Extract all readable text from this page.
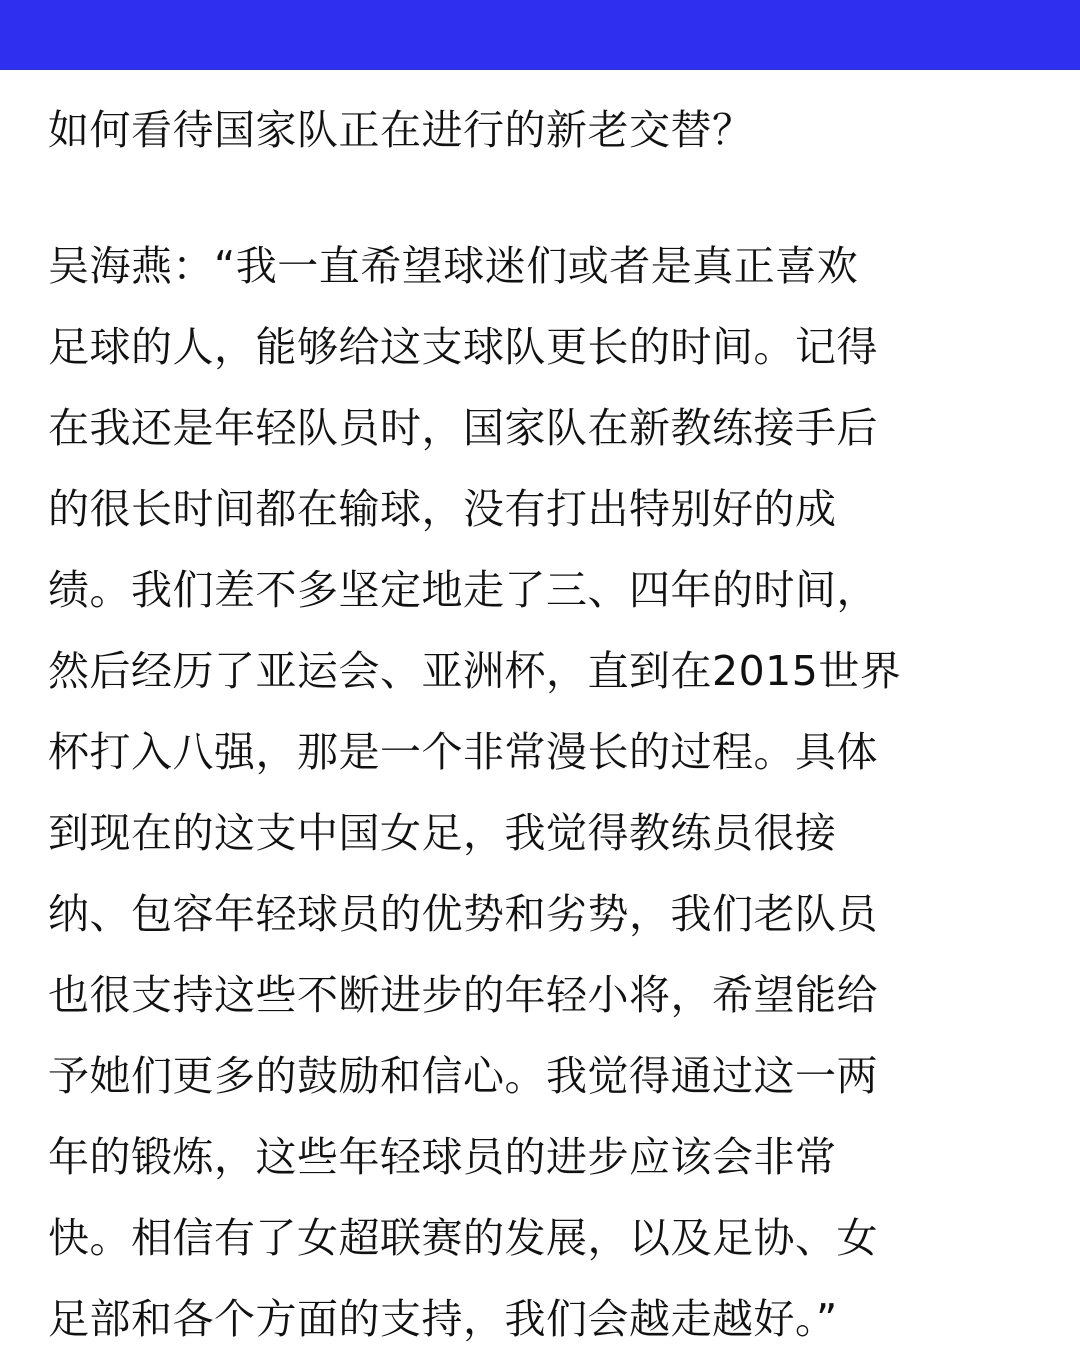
如何看待国家队正在进行的新老交替？
吴海燕：“我一直希望球迷们或者是真正喜欢
足球的人，能够给这支球队更长的时间。记得
在我还是年轻队员时，国家队在新教练接手后
的很长时间都在输球，没有打出特别好的成
绩。我们差不多坚定地走了三、四年的时间，
然后经历了亚运会、亚洲杯，直到在2015世界
杯打入八强，那是一个非常漫长的过程。具体
到现在的这支中国女足，我觉得教练员很接
纳、包容年轻球员的优势和劣势，我们老队员
也很支持这些不断进步的年轻小将，希望能给
予她们更多的鼓励和信心。我觉得通过这一两
年的锻炼，这些年轻球员的进步应该会非常
快。相信有了女超联赛的发展，以及足协、女
足部和各个方面的支持，我们会越走越好。”
